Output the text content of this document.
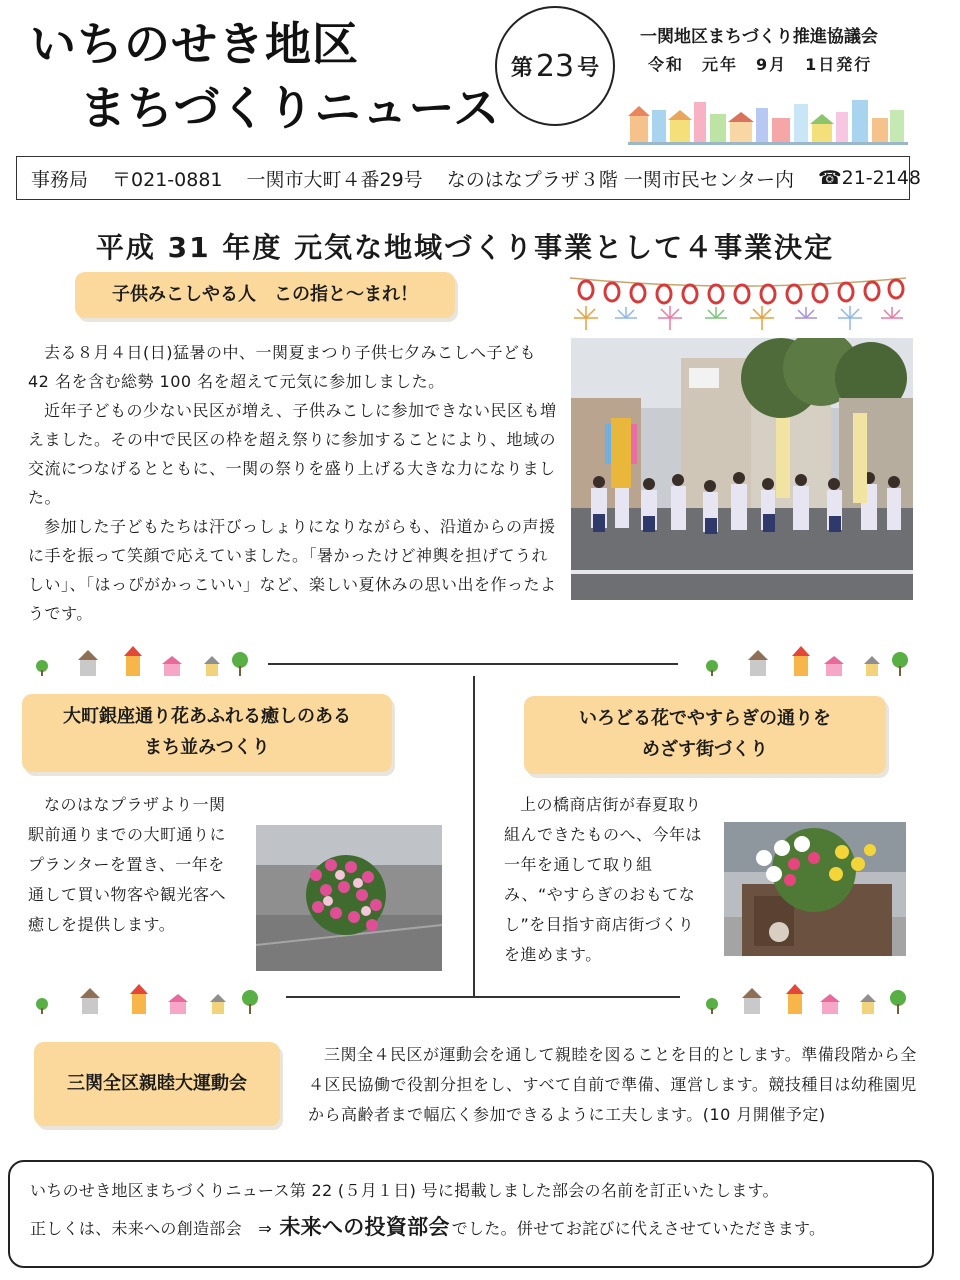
いちのせき地区
まちづくりニュース
第 23 号
一関地区まちづくり推進協議会
令和　元年　9月　1日発行
事務局 〒021-0881 一関市大町４番29号 なのはなプラザ３階 一関市民センター内 ☎21-2148
平成 31 年度 元気な地域づくり事業として４事業決定
子供みこしやる人　この指と～まれ！

去る８月４日(日)猛暑の中、一関夏まつり子供七夕みこしへ子ども 42 名を含む総勢 100 名を超えて元気に参加しました。

近年子どもの少ない民区が増え、子供みこしに参加できない民区も増えました。その中で民区の枠を超え祭りに参加することにより、地域の交流につなげるとともに、一関の祭りを盛り上げる大きな力になりました。

参加した子どもたちは汗びっしょりになりながらも、沿道からの声援に手を振って笑顔で応えていました。「暑かったけど神輿を担げてうれしい」、「はっぴがかっこいい」など、楽しい夏休みの思い出を作ったようです。

大町銀座通り花あふれる癒しのある
まち並みつくり

なのはなプラザより一関駅前通りまでの大町通りにプランターを置き、一年を通して買い物客や観光客へ癒しを提供します。

いろどる花でやすらぎの通りを
めざす街づくり

上の橋商店街が春夏取り組んできたものへ、今年は一年を通して取り組み、“やすらぎのおもてなし”を目指す商店街づくりを進めます。

三関全区親睦大運動会

三関全４民区が運動会を通して親睦を図ることを目的とします。準備段階から全４区民協働で役割分担をし、すべて自前で準備、運営します。競技種目は幼稚園児から高齢者まで幅広く参加できるように工夫します。(10 月開催予定)

いちのせき地区まちづくりニュース第 22 (５月１日) 号に掲載しました部会の名前を訂正いたします。
正しくは、未来への創造部会　⇒ 未来への投資部会 でした。併せてお詫びに代えさせていただきます。
